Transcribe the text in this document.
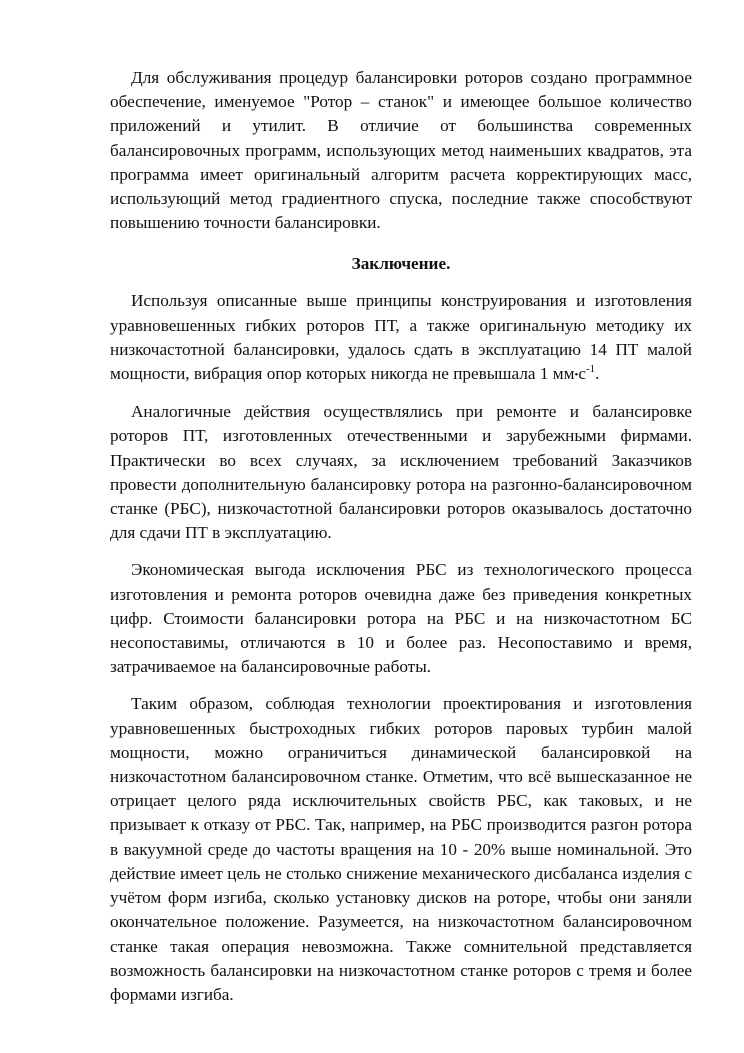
Для обслуживания процедур балансировки роторов создано программное обеспечение, именуемое "Ротор – станок" и имеющее большое количество приложений и утилит. В отличие от большинства современных балансировочных программ, использующих метод наименьших квадратов, эта программа имеет оригинальный алгоритм расчета корректирующих масс, использующий метод градиентного спуска, последние также способствуют повышению точности балансировки.

Заключение.

Используя описанные выше принципы конструирования и изготовления уравновешенных гибких роторов ПТ, а также оригинальную методику их низкочастотной балансировки, удалось сдать в эксплуатацию 14 ПТ малой мощности, вибрация опор которых никогда не превышала 1 $мм•с^{-1}$.

Аналогичные действия осуществлялись при ремонте и балансировке роторов ПТ, изготовленных отечественными и зарубежными фирмами. Практически во всех случаях, за исключением требований Заказчиков провести дополнительную балансировку ротора на разгонно-балансировочном станке (РБС), низкочастотной балансировки роторов оказывалось достаточно для сдачи ПТ в эксплуатацию.

Экономическая выгода исключения РБС из технологического процесса изготовления и ремонта роторов очевидна даже без приведения конкретных цифр. Стоимости балансировки ротора на РБС и на низкочастотном БС несопоставимы, отличаются в 10 и более раз. Несопоставимо и время, затрачиваемое на балансировочные работы.

Таким образом, соблюдая технологии проектирования и изготовления уравновешенных быстроходных гибких роторов паровых турбин малой мощности, можно ограничиться динамической балансировкой на низкочастотном балансировочном станке. Отметим, что всё вышесказанное не отрицает целого ряда исключительных свойств РБС, как таковых, и не призывает к отказу от РБС. Так, например, на РБС производится разгон ротора в вакуумной среде до частоты вращения на 10 - 20% выше номинальной. Это действие имеет цель не столько снижение механического дисбаланса изделия с учётом форм изгиба, сколько установку дисков на роторе, чтобы они заняли окончательное положение. Разумеется, на низкочастотном балансировочном станке такая операция невозможна. Также сомнительной представляется возможность балансировки на низкочастотном станке роторов с тремя и более формами изгиба.
